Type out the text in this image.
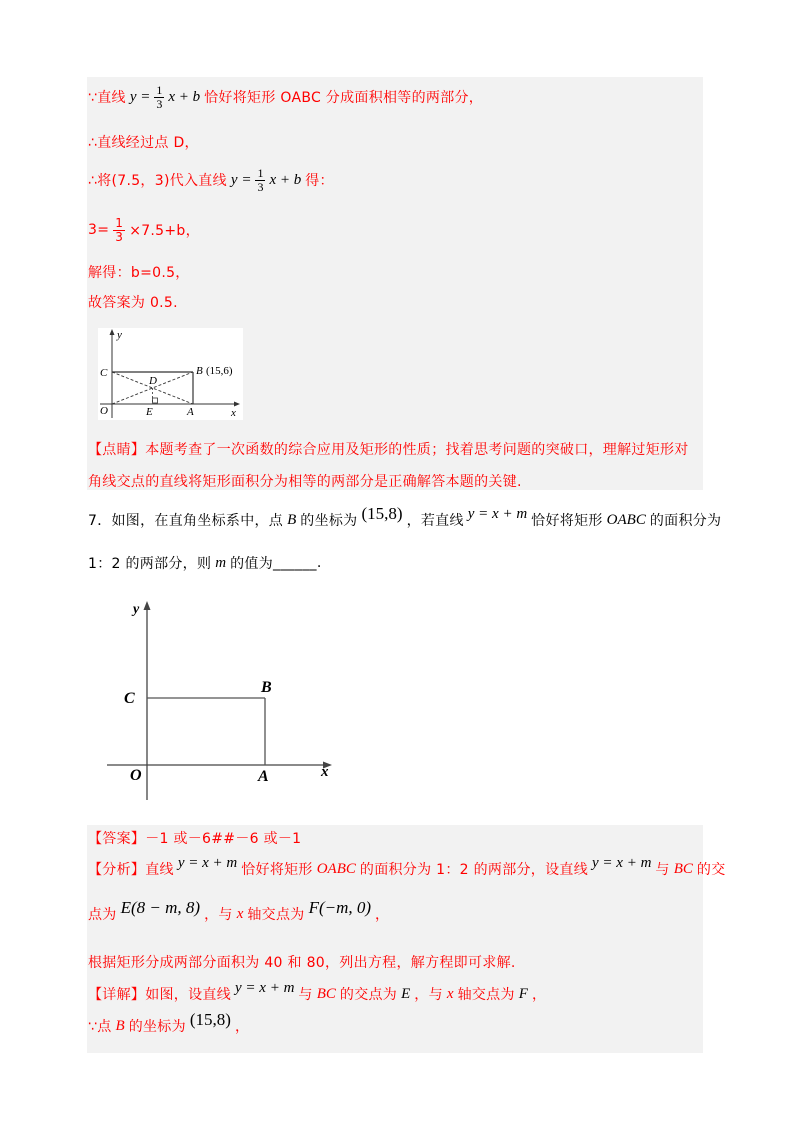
∵直线 $y = \frac{1}{3}$ x + b 恰好将矩形 OABC 分成面积相等的两部分，
∴直线经过点 D，
∴将(7.5，3)代入直线 $y = \frac{1}{3}$ x + b 得：
$3= \frac{1}{3} \times 7.5+b$，
解得：b=0.5，
故答案为 0.5.
y
C
D
B (15,6)
O	E	A	x
【点睛】 本题考查了一次函数的综合应用及矩形的性质；找着思考问题的突破口，理解过矩形对
角线交点的直线将矩形面积分为相等的两部分是正确解答本题的关键.
7．如图，在直角坐标系中，点 B 的坐标为 (15,8) ，若直线 y = x + m 恰好将矩形 OABC 的面积分为
1：2 的两部分，则 m 的值为 ______ .
y
C
B
O	A	x
【答案】 －1 或－6##－6 或－1
【分析】 直线 y = x + m 恰好将矩形 OABC 的面积分为 1：2 的两部分，设直线 y = x + m 与 BC 的交
点为 E(8 − m, 8) ，与 x 轴交点为 F(−m, 0) ，
根据矩形分成两部分面积为 40 和 80，列出方程，解方程即可求解.
【详解】 如图，设直线 y = x + m 与 BC 的交点为 E ，与 x 轴交点为 F ，
∵点 B 的坐标为 (15,8) ，
